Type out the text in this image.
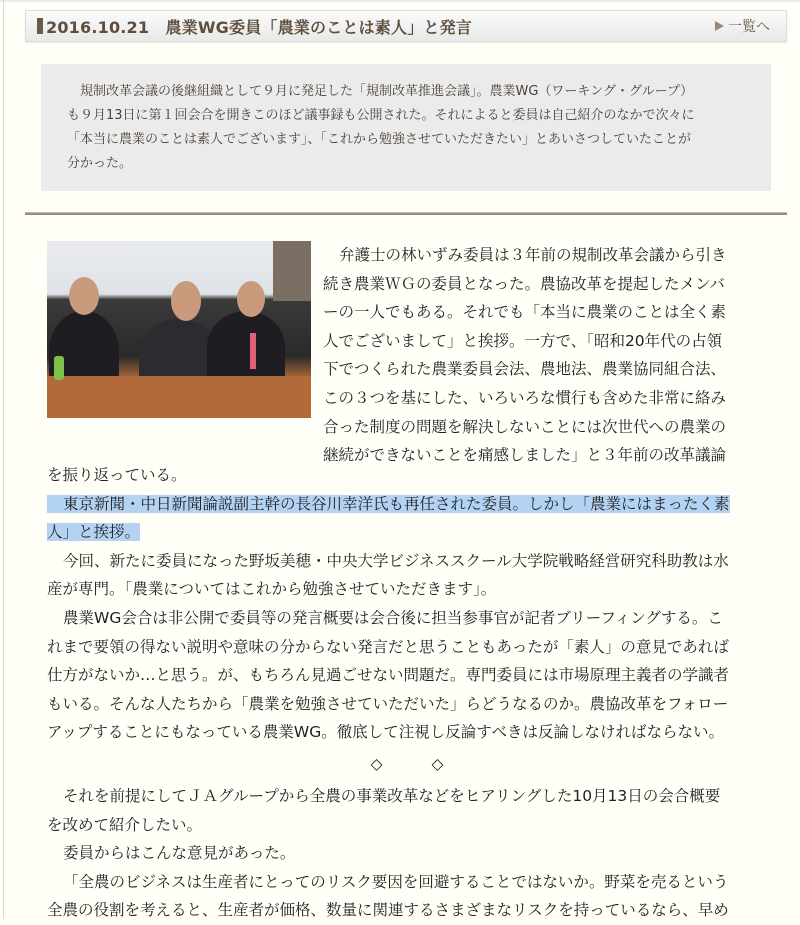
2016.10.21　農業WG委員「農業のことは素人」と発言	一覧へ

規制改革会議の後継組織として９月に発足した「規制改革推進会議」。農業WG（ワーキング・グループ）
も９月13日に第１回会合を開きこのほど議事録も公開された。それによると委員は自己紹介のなかで次々に
「本当に農業のことは素人でございます」、「これから勉強させていただきたい」とあいさつしていたことが
分かった。

弁護士の林いずみ委員は３年前の規制改革会議から引き
続き農業ＷＧの委員となった。農協改革を提起したメンバ
ーの一人でもある。それでも「本当に農業のことは全く素
人でございまして」と挨拶。一方で、「昭和20年代の占領
下でつくられた農業委員会法、農地法、農業協同組合法、
この３つを基にした、いろいろな慣行も含めた非常に絡み
合った制度の問題を解決しないことには次世代への農業の
継続ができないことを痛感しました」と３年前の改革議論

を振り返っている。

東京新聞・中日新聞論説副主幹の長谷川幸洋氏も再任された委員。しかし「農業にはまったく素
人」と挨拶。

今回、新たに委員になった野坂美穂・中央大学ビジネススクール大学院戦略経営研究科助教は水
産が専門。「農業についてはこれから勉強させていただきます」。

農業WG会合は非公開で委員等の発言概要は会合後に担当参事官が記者ブリーフィングする。こ
れまで要領の得ない説明や意味の分からない発言だと思うこともあったが「素人」の意見であれば
仕方がないか…と思う。が、もちろん見過ごせない問題だ。専門委員には市場原理主義者の学識者
もいる。そんな人たちから「農業を勉強させていただいた」らどうなるのか。農協改革をフォロー
アップすることにもなっている農業WG。徹底して注視し反論すべきは反論しなければならない。

◇	◇

それを前提にしてＪＡグループから全農の事業改革などをヒアリングした10月13日の会合概要
を改めて紹介したい。

委員からはこんな意見があった。

「全農のビジネスは生産者にとってのリスク要因を回避することではないか。野菜を売るという
全農の役割を考えると、生産者が価格、数量に関連するさまざまなリスクを持っているなら、早め
